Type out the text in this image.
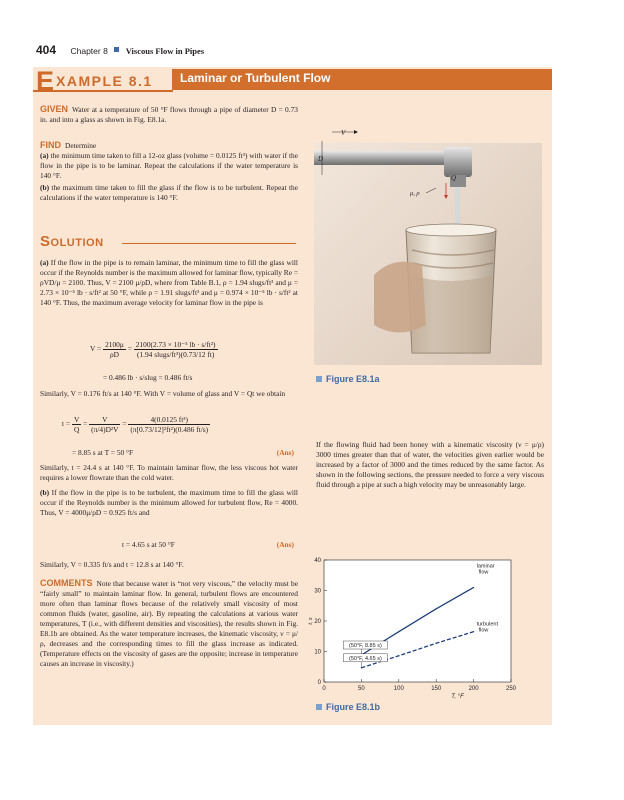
404 Chapter 8 Viscous Flow in Pipes
E XAMPLE 8.1 Laminar or Turbulent Flow
GIVEN Water at a temperature of 50 °F flows through a pipe of diameter D = 0.73 in. and into a glass as shown in Fig. E8.1a.
FIND Determine
(a) the minimum time taken to fill a 12-oz glass (volume = 0.0125 ft³) with water if the flow in the pipe is to be laminar. Repeat the calculations if the water temperature is 140 °F.
(b) the maximum time taken to fill the glass if the flow is to be turbulent. Repeat the calculations if the water temperature is 140 °F.
SOLUTION
(a) If the flow in the pipe is to remain laminar, the minimum time to fill the glass will occur if the Reynolds number is the maximum allowed for laminar flow, typically Re = ρVD/μ = 2100. Thus, V = 2100 μ/ρD, where from Table B.1, ρ = 1.94 slugs/ft³ and μ = 2.73 × 10⁻⁵ lb · s/ft² at 50 °F, while ρ = 1.91 slugs/ft³ and μ = 0.974 × 10⁻⁵ lb · s/ft² at 140 °F. Thus, the maximum average velocity for laminar flow in the pipe is
$V = \frac{2100\mu}{\rho D} = \frac{\text{2100(2.73 × 10⁻⁵ lb · s/ft²)}}{\text{(1.94 slugs/ft³)(0.73/12 ft)}}$
= 0.486 lb · s/slug = 0.486 ft/s
Similarly, V = 0.176 ft/s at 140 °F. With V = volume of glass and V = Qt we obtain
$t = \frac{V}{Q} = \frac{V}{\text{(π/4)D²V}} = \frac{\text{4(0.0125 ft³)}}{\text{(π[0.73/12]²ft²)(0.486 ft/s)}}$
= 8.85 s at T = 50 °F	(Ans)
Similarly, t = 24.4 s at 140 °F. To maintain laminar flow, the less viscous hot water requires a lower flowrate than the cold water.
(b) If the flow in the pipe is to be turbulent, the maximum time to fill the glass will occur if the Reynolds number is the minimum allowed for turbulent flow, Re = 4000. Thus, V = 4000μ/ρD = 0.925 ft/s and
t = 4.65 s at 50 °F	(Ans)
Similarly, V = 0.335 ft/s and t = 12.8 s at 140 °F.
COMMENTS Note that because water is “not very viscous,” the velocity must be “fairly small” to maintain laminar flow. In general, turbulent flows are encountered more often than laminar flows because of the relatively small viscosity of most common fluids (water, gasoline, air). By repeating the calculations at various water temperatures, T (i.e., with different densities and viscosities), the results shown in Fig. E8.1b are obtained. As the water temperature increases, the kinematic viscosity, ν = μ/ρ, decreases and the corresponding times to fill the glass increase as indicated. (Temperature effects on the viscosity of gases are the opposite; increase in temperature causes an increase in viscosity.)
V
D
Q
μ, ρ
Figure E8.1a
If the flowing fluid had been honey with a kinematic viscosity (ν = μ/ρ) 3000 times greater than that of water, the velocities given earlier would be increased by a factor of 3000 and the times reduced by the same factor. As shown in the following sections, the pressure needed to force a very viscous fluid through a pipe at such a high velocity may be unreasonably large.
0	50	100	150	200	250
0
10
20
30
40
T, °F
t, s
laminar
flow
turbulent
flow
(50°F, 8.85 s)
(50°F, 4.65 s)
Figure E8.1b
